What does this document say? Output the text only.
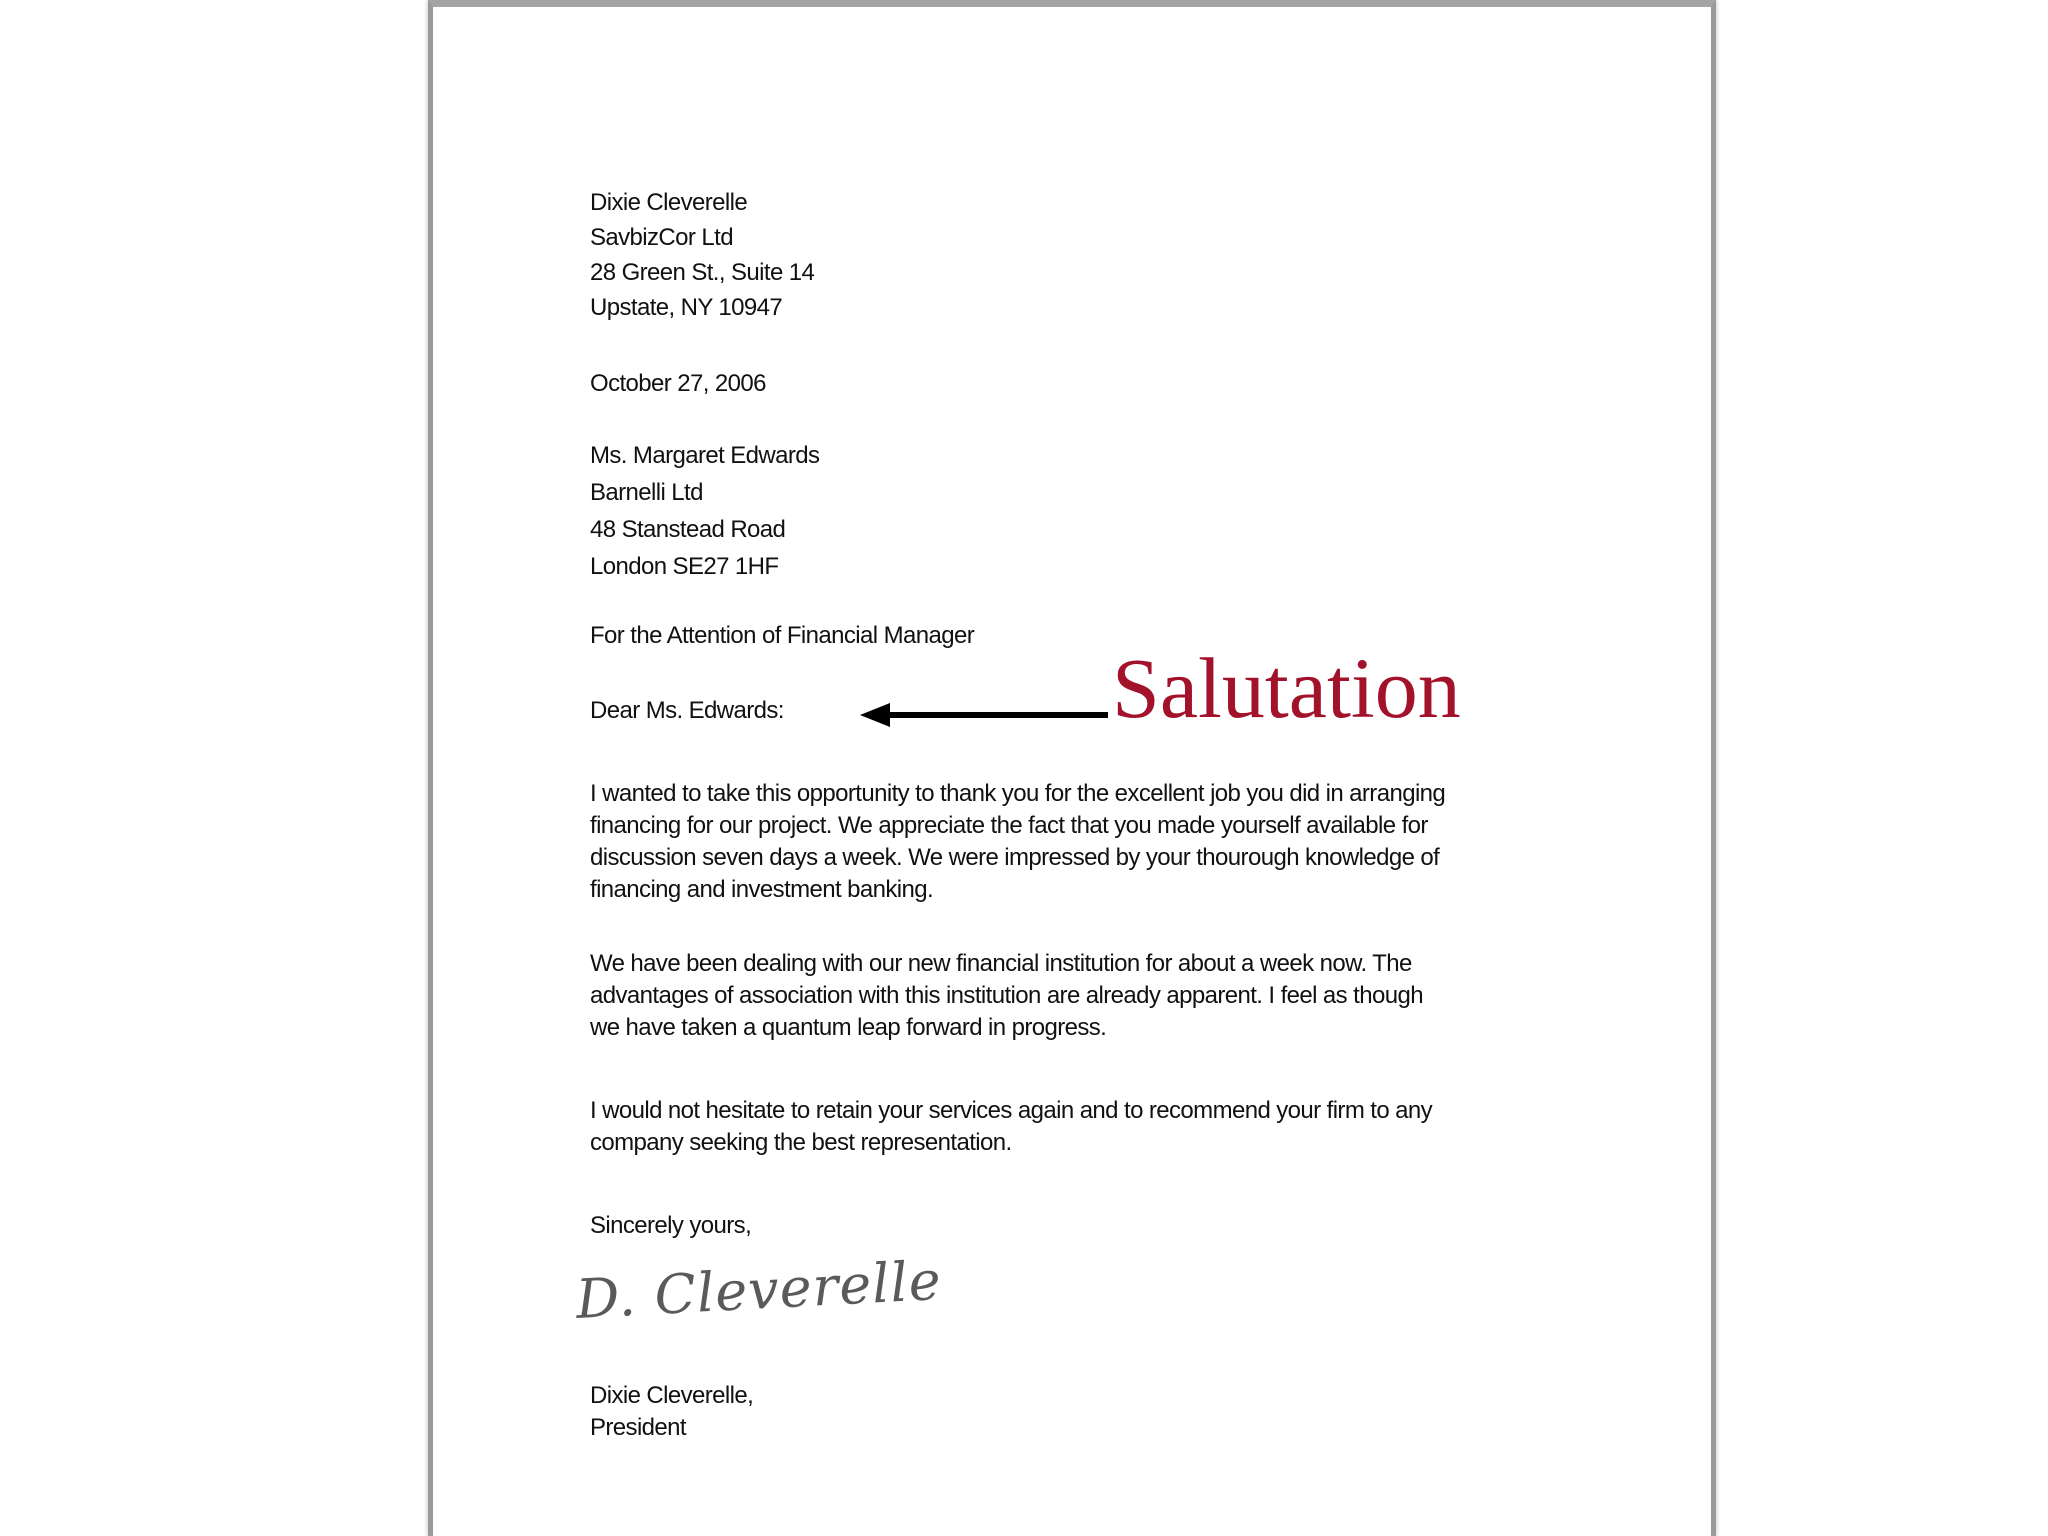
Dixie Cleverelle
SavbizCor Ltd
28 Green St., Suite 14
Upstate, NY 10947
October 27, 2006
Ms. Margaret Edwards
Barnelli Ltd
48 Stanstead Road
London SE27 1HF
For the Attention of Financial Manager
Dear Ms. Edwards:	Salutation
I wanted to take this opportunity to thank you for the excellent job you did in arranging
financing for our project. We appreciate the fact that you made yourself available for
discussion seven days a week. We were impressed by your thourough knowledge of
financing and investment banking.
We have been dealing with our new financial institution for about a week now. The
advantages of association with this institution are already apparent. I feel as though
we have taken a quantum leap forward in progress.
I would not hesitate to retain your services again and to recommend your firm to any
company seeking the best representation.
Sincerely yours,
D. Cleverelle
Dixie Cleverelle,
President
